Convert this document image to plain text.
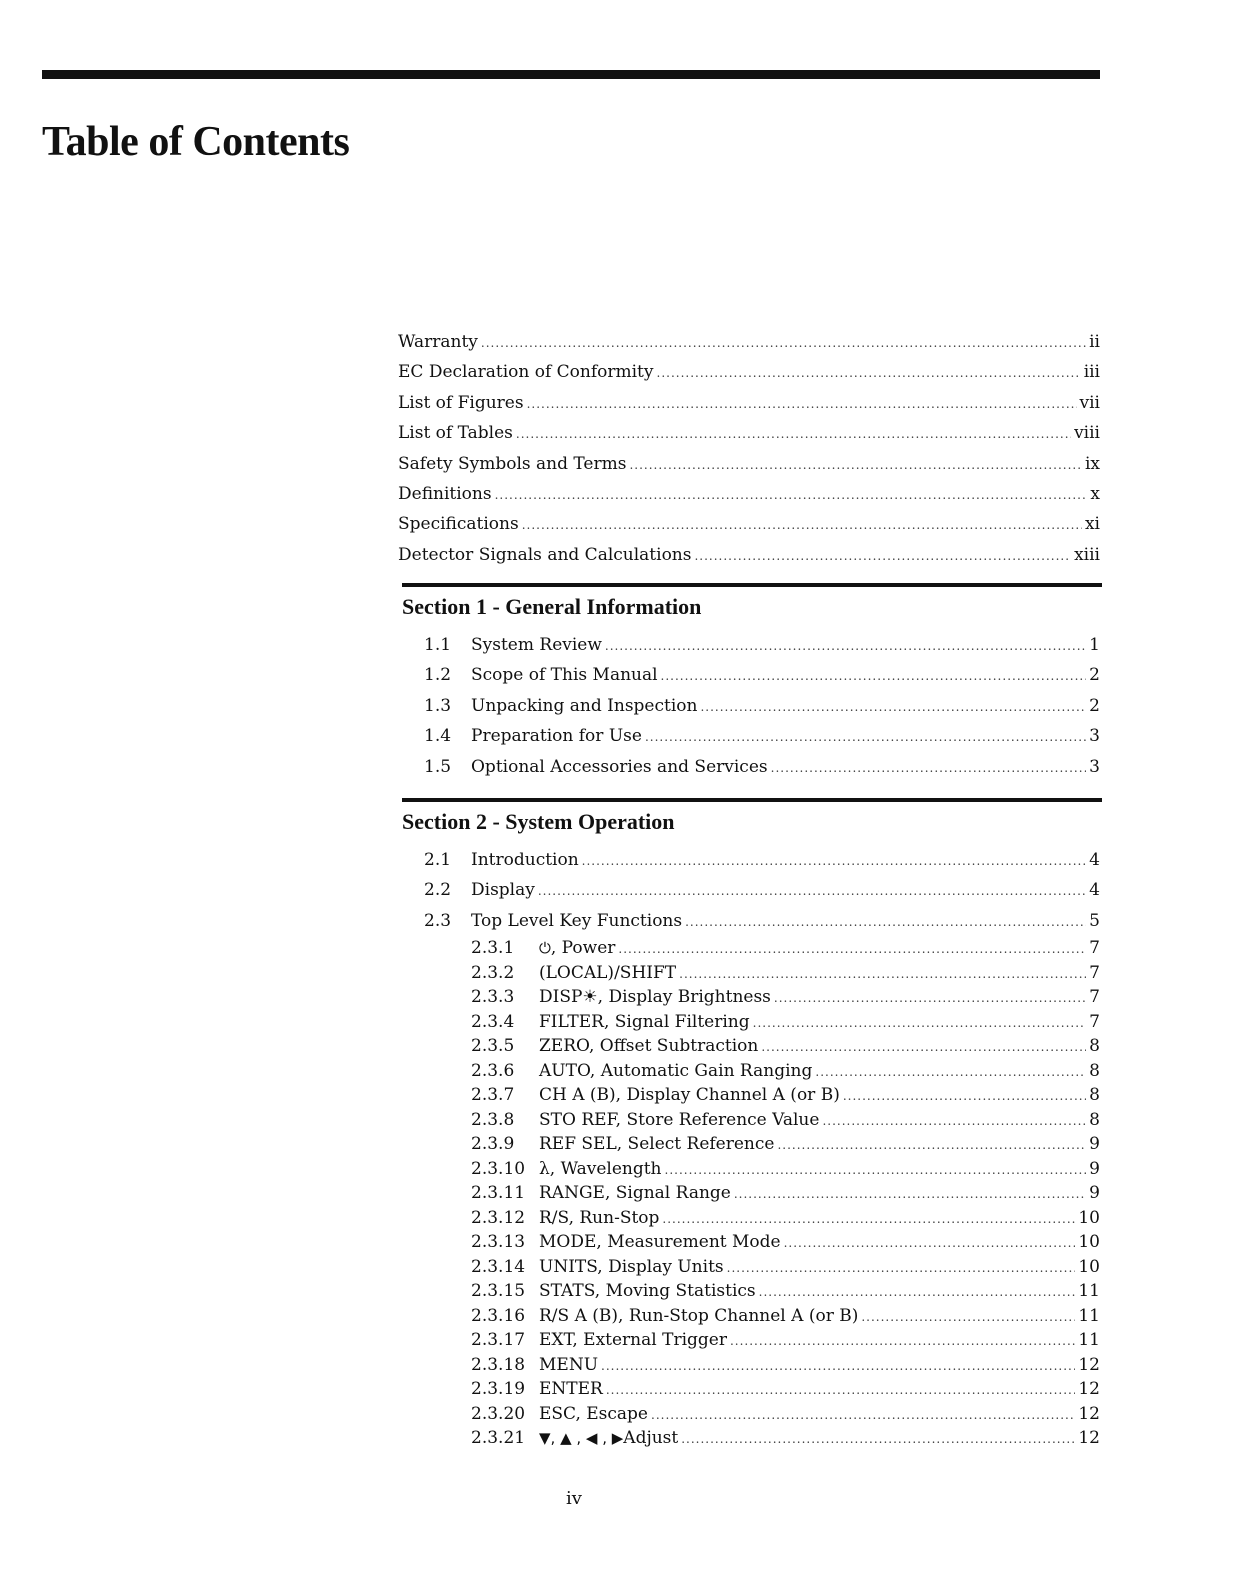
Table of Contents
Warranty .....	ii
EC Declaration of Conformity .....	iii
List of Figures .....	vii
List of Tables .....	viii
Safety Symbols and Terms .....	ix
Definitions .....	x
Specifications .....	xi
Detector Signals and Calculations .....	xiii
Section 1 - General Information
1.1	System Review .....	1
1.2	Scope of This Manual .....	2
1.3	Unpacking and Inspection .....	2
1.4	Preparation for Use .....	3
1.5	Optional Accessories and Services .....	3
Section 2 - System Operation
2.1	Introduction .....	4
2.2	Display .....	4
2.3	Top Level Key Functions .....	5
2.3.1	⏻ , Power .....	7
2.3.2	(LOCAL)/SHIFT .....	7
2.3.3	DISP☀, Display Brightness .....	7
2.3.4	FILTER, Signal Filtering .....	7
2.3.5	ZERO, Offset Subtraction .....	8
2.3.6	AUTO, Automatic Gain Ranging .....	8
2.3.7	CH A (B), Display Channel A (or B) .....	8
2.3.8	STO REF, Store Reference Value .....	8
2.3.9	REF SEL, Select Reference .....	9
2.3.10 λ, Wavelength .....	9
2.3.11 RANGE, Signal Range .....	9
2.3.12 R/S, Run-Stop .....	10
2.3.13 MODE, Measurement Mode .....	10
2.3.14 UNITS, Display Units .....	10
2.3.15 STATS, Moving Statistics .....	11
2.3.16 R/S A (B), Run-Stop Channel A (or B) .....	11
2.3.17 EXT, External Trigger .....	11
2.3.18 MENU .....	12
2.3.19 ENTER .....	12
2.3.20 ESC, Escape .....	12
2.3.21 ▼, ▲ , ◀ , ▶ Adjust .....	12
iv
